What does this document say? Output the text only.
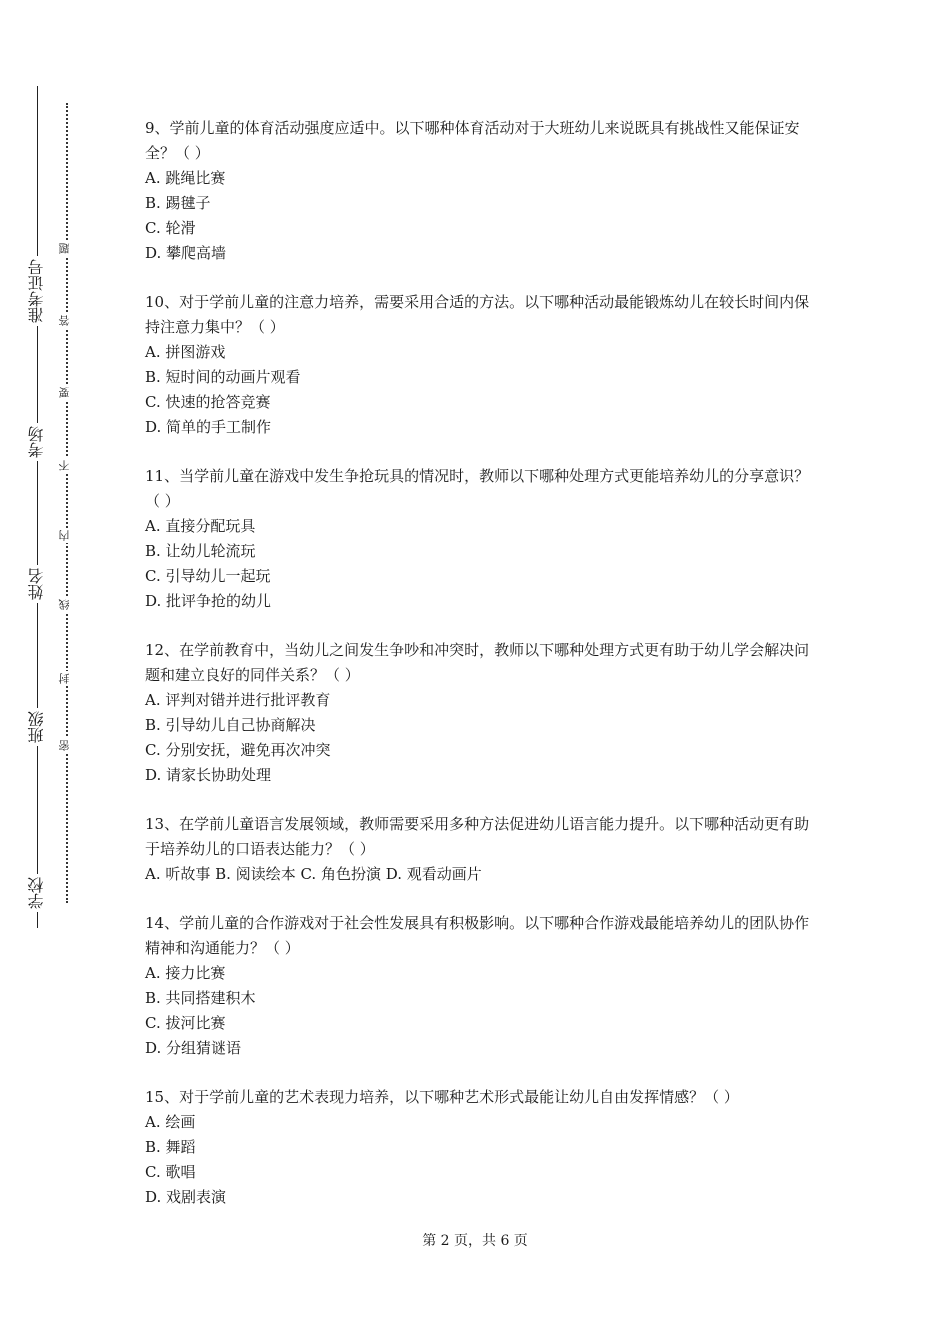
学校
班级
姓名
考场
准考证号
密
封
线
内
不
要
答
题

9、学前儿童的体育活动强度应适中。以下哪种体育活动对于大班幼儿来说既具有挑战性又能保证安全？（ ）

A. 跳绳比赛

B. 踢毽子

C. 轮滑

D. 攀爬高墙

10、对于学前儿童的注意力培养，需要采用合适的方法。以下哪种活动最能锻炼幼儿在较长时间内保持注意力集中？（ ）

A. 拼图游戏

B. 短时间的动画片观看

C. 快速的抢答竞赛

D. 简单的手工制作

11、当学前儿童在游戏中发生争抢玩具的情况时，教师以下哪种处理方式更能培养幼儿的分享意识？（ ）

A. 直接分配玩具

B. 让幼儿轮流玩

C. 引导幼儿一起玩

D. 批评争抢的幼儿

12、在学前教育中，当幼儿之间发生争吵和冲突时，教师以下哪种处理方式更有助于幼儿学会解决问题和建立良好的同伴关系？（ ）

A. 评判对错并进行批评教育

B. 引导幼儿自己协商解决

C. 分别安抚，避免再次冲突

D. 请家长协助处理

13、在学前儿童语言发展领域，教师需要采用多种方法促进幼儿语言能力提升。以下哪种活动更有助于培养幼儿的口语表达能力？（ ）

A. 听故事 B. 阅读绘本 C. 角色扮演 D. 观看动画片

14、学前儿童的合作游戏对于社会性发展具有积极影响。以下哪种合作游戏最能培养幼儿的团队协作精神和沟通能力？（ ）

A. 接力比赛

B. 共同搭建积木

C. 拔河比赛

D. 分组猜谜语

15、对于学前儿童的艺术表现力培养，以下哪种艺术形式最能让幼儿自由发挥情感？（ ）

A. 绘画

B. 舞蹈

C. 歌唱

D. 戏剧表演

第 2 页，共 6 页
